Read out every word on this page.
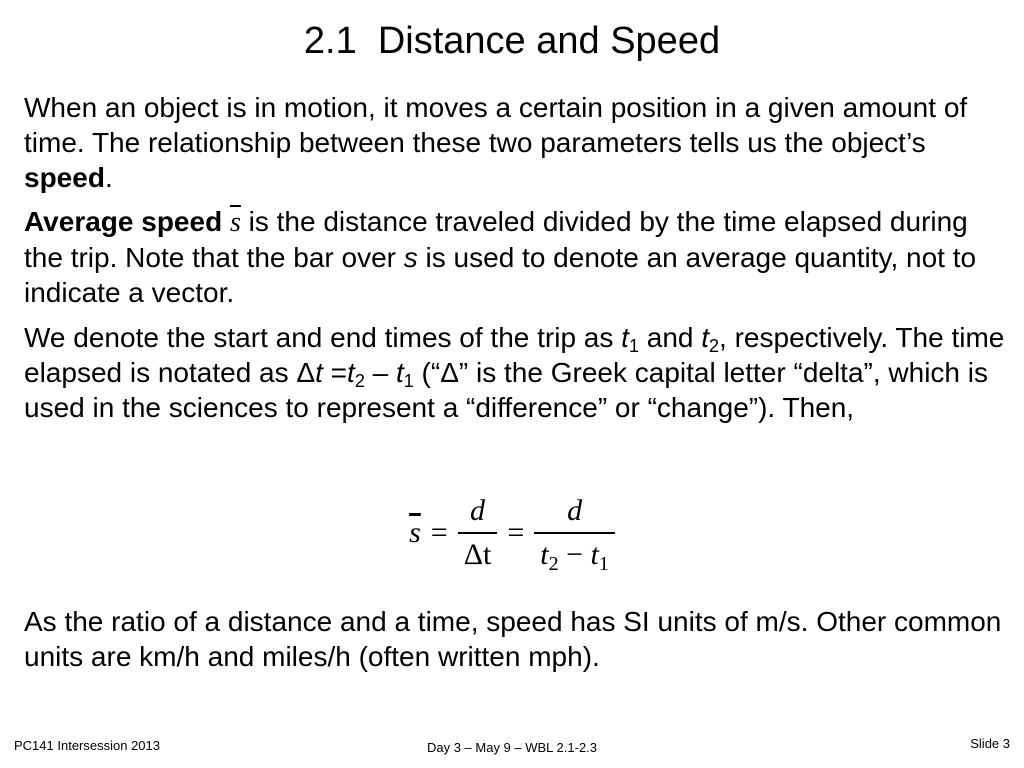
2.1  Distance and Speed
When an object is in motion, it moves a certain position in a given amount of time. The relationship between these two parameters tells us the object’s speed.
Average speed $\overline{s}$ is the distance traveled divided by the time elapsed during the trip. Note that the bar over s is used to denote an average quantity, not to indicate a vector.
We denote the start and end times of the trip as $t_1$ and $t_2$, respectively. The time elapsed is notated as $\Delta t =t_2 - t_1$ (“Δ” is the Greek capital letter “delta”, which is used in the sciences to represent a “difference” or “change”). Then,
$\overline{s} = \frac{d}{\Delta t} = \frac{d}{t_2 - t_1}$
As the ratio of a distance and a time, speed has SI units of m/s. Other common units are km/h and miles/h (often written mph).
PC141 Intersession 2013	Day 3 – May 9 – WBL 2.1-2.3	Slide 3
